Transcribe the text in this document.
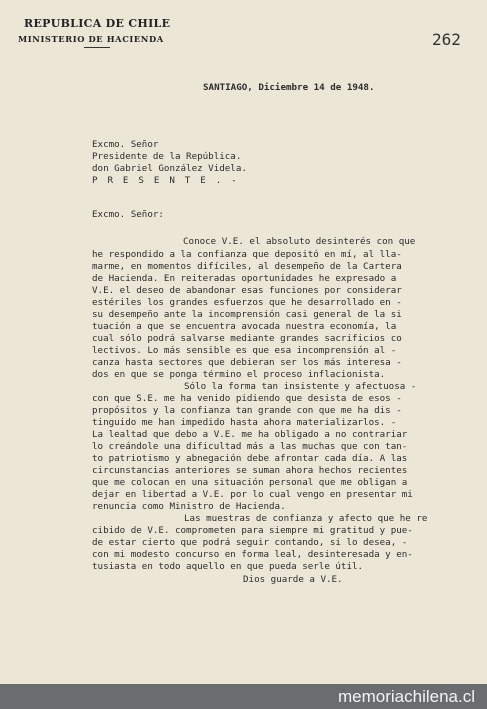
REPUBLICA DE CHILE
MINISTERIO DE HACIENDA	262
SANTIAGO, Diciembre 14 de 1948.
Excmo. Señor
Presidente de la República.
don Gabriel González Videla.
P R E S E N T E . -
Excmo. Señor:
Conoce V.E. el absoluto desinterés con que
he respondido a la confianza que depositó en mí, al lla-
marme, en momentos difíciles, al desempeño de la Cartera
de Hacienda. En reiteradas oportunidades he expresado a
V.E. el deseo de abandonar esas funciones por considerar
estériles los grandes esfuerzos que he desarrollado en -
su desempeño ante la incomprensión casi general de la si
tuación a que se encuentra avocada nuestra economía, la
cual sólo podrá salvarse mediante grandes sacrificios co
lectivos. Lo más sensible es que esa incomprensión al -
canza hasta sectores que debieran ser los más interesa -
dos en que se ponga término el proceso inflacionista.
Sólo la forma tan insistente y afectuosa -
con que S.E. me ha venido pidiendo que desista de esos -
propósitos y la confianza tan grande con que me ha dis -
tinguido me han impedido hasta ahora materializarlos. -
La lealtad que debo a V.E. me ha obligado a no contrariar
lo creándole una dificultad más a las muchas que con tan-
to patriotismo y abnegación debe afrontar cada día. A las
circunstancias anteriores se suman ahora hechos recientes
que me colocan en una situación personal que me obligan a
dejar en libertad a V.E. por lo cual vengo en presentar mi
renuncia como Ministro de Hacienda.
Las muestras de confianza y afecto que he re
cibido de V.E. comprometen para siempre mi gratitud y pue-
de estar cierto que podrá seguir contando, si lo desea, -
con mi modesto concurso en forma leal, desinteresada y en-
tusiasta en todo aquello en que pueda serle útil.
Dios guarde a V.E.
memoriachilena.cl
